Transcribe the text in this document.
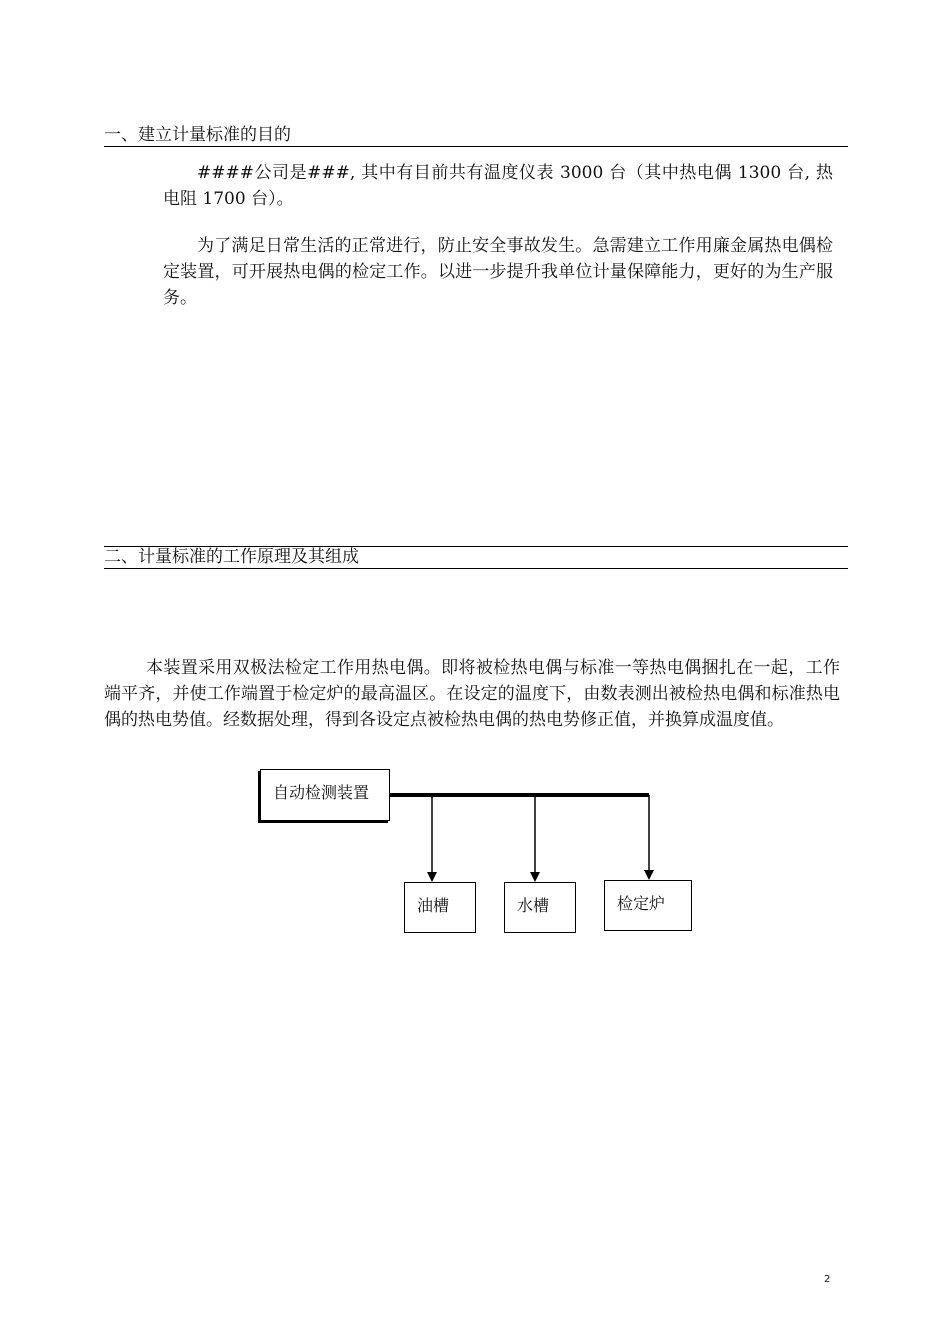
一、建立计量标准的目的

####公司是###, 其中有目前共有温度仪表 3000 台（其中热电偶 1300 台, 热电阻 1700 台）。

为了满足日常生活的正常进行，防止安全事故发生。急需建立工作用廉金属热电偶检定装置，可开展热电偶的检定工作。以进一步提升我单位计量保障能力，更好的为生产服务。

二、计量标准的工作原理及其组成

本装置采用双极法检定工作用热电偶。即将被检热电偶与标准一等热电偶捆扎在一起，工作端平齐，并使工作端置于检定炉的最高温区。在设定的温度下，由数表测出被检热电偶和标准热电偶的热电势值。经数据处理，得到各设定点被检热电偶的热电势修正值，并换算成温度值。

自动检测装置
油槽	水槽	检定炉
2
